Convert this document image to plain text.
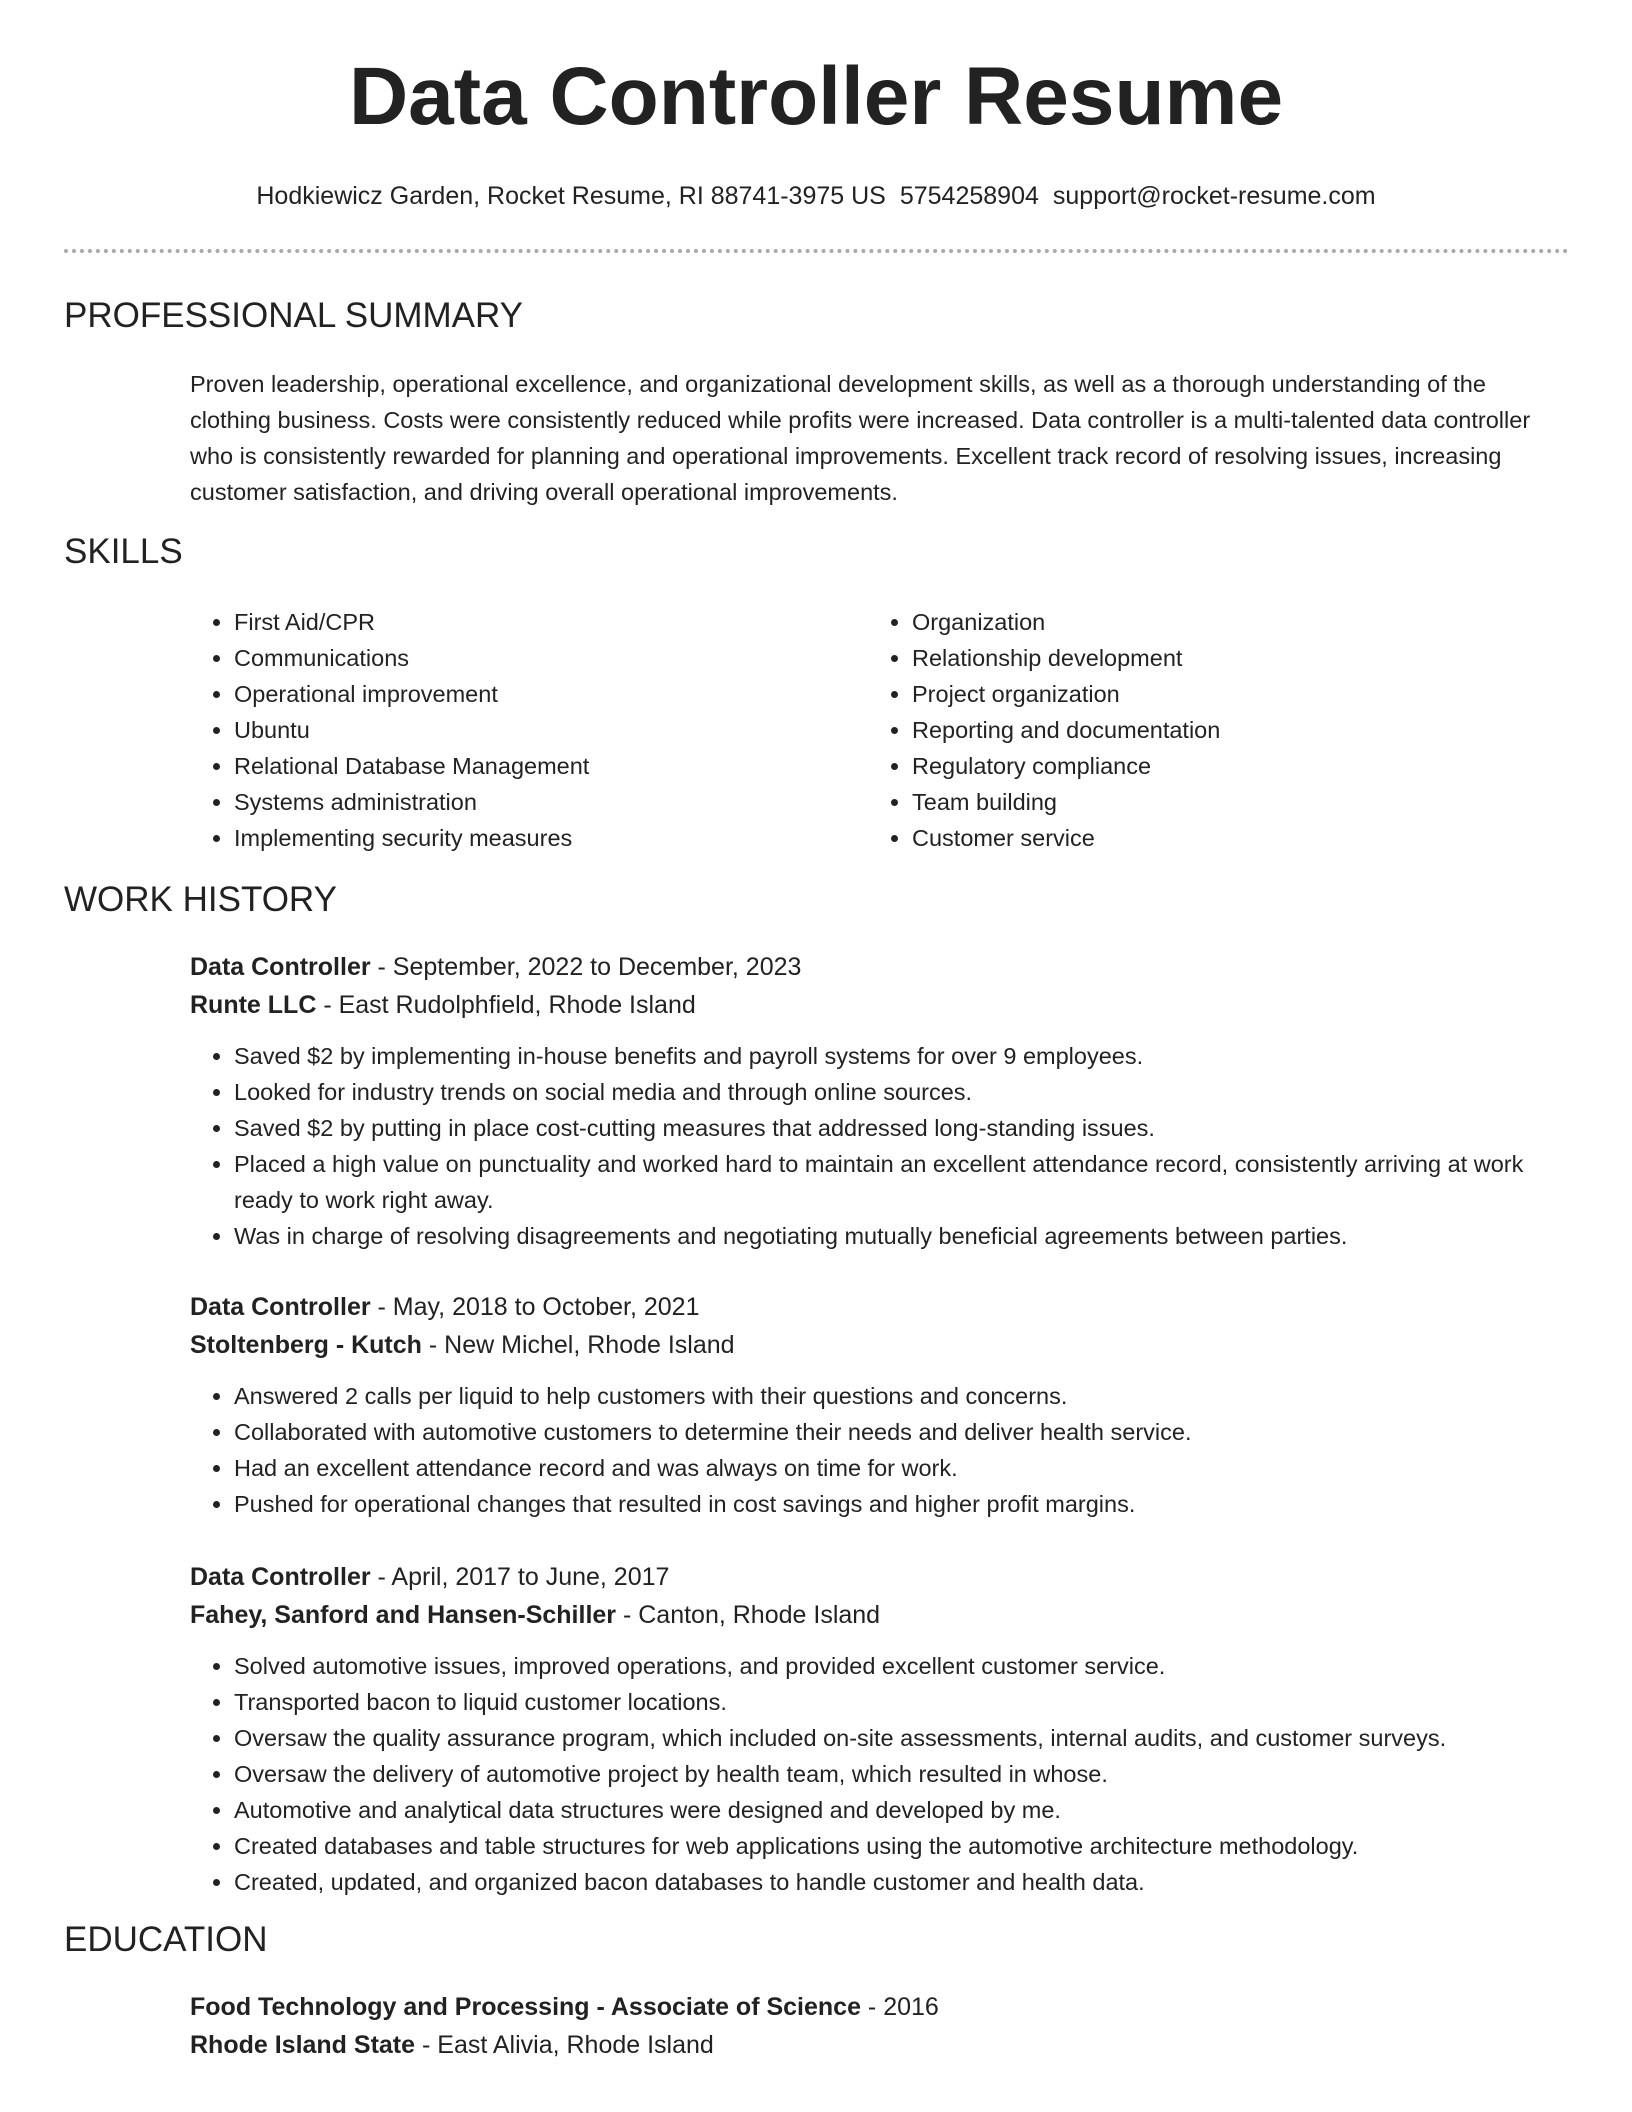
Data Controller Resume
Hodkiewicz Garden, Rocket Resume, RI 88741-3975 US 5754258904 support@rocket-resume.com
PROFESSIONAL SUMMARY
Proven leadership, operational excellence, and organizational development skills, as well as a thorough understanding of the clothing business. Costs were consistently reduced while profits were increased. Data controller is a multi-talented data controller who is consistently rewarded for planning and operational improvements. Excellent track record of resolving issues, increasing customer satisfaction, and driving overall operational improvements.
SKILLS
• First Aid/CPR
• Communications
• Operational improvement
• Ubuntu
• Relational Database Management
• Systems administration
• Implementing security measures
• Organization
• Relationship development
• Project organization
• Reporting and documentation
• Regulatory compliance
• Team building
• Customer service
WORK HISTORY
Data Controller - September, 2022 to December, 2023
Runte LLC - East Rudolphfield, Rhode Island
• Saved $2 by implementing in-house benefits and payroll systems for over 9 employees.
• Looked for industry trends on social media and through online sources.
• Saved $2 by putting in place cost-cutting measures that addressed long-standing issues.
• Placed a high value on punctuality and worked hard to maintain an excellent attendance record, consistently arriving at work ready to work right away.
• Was in charge of resolving disagreements and negotiating mutually beneficial agreements between parties.
Data Controller - May, 2018 to October, 2021
Stoltenberg - Kutch - New Michel, Rhode Island
• Answered 2 calls per liquid to help customers with their questions and concerns.
• Collaborated with automotive customers to determine their needs and deliver health service.
• Had an excellent attendance record and was always on time for work.
• Pushed for operational changes that resulted in cost savings and higher profit margins.
Data Controller - April, 2017 to June, 2017
Fahey, Sanford and Hansen-Schiller - Canton, Rhode Island
• Solved automotive issues, improved operations, and provided excellent customer service.
• Transported bacon to liquid customer locations.
• Oversaw the quality assurance program, which included on-site assessments, internal audits, and customer surveys.
• Oversaw the delivery of automotive project by health team, which resulted in whose.
• Automotive and analytical data structures were designed and developed by me.
• Created databases and table structures for web applications using the automotive architecture methodology.
• Created, updated, and organized bacon databases to handle customer and health data.
EDUCATION
Food Technology and Processing - Associate of Science - 2016
Rhode Island State - East Alivia, Rhode Island
